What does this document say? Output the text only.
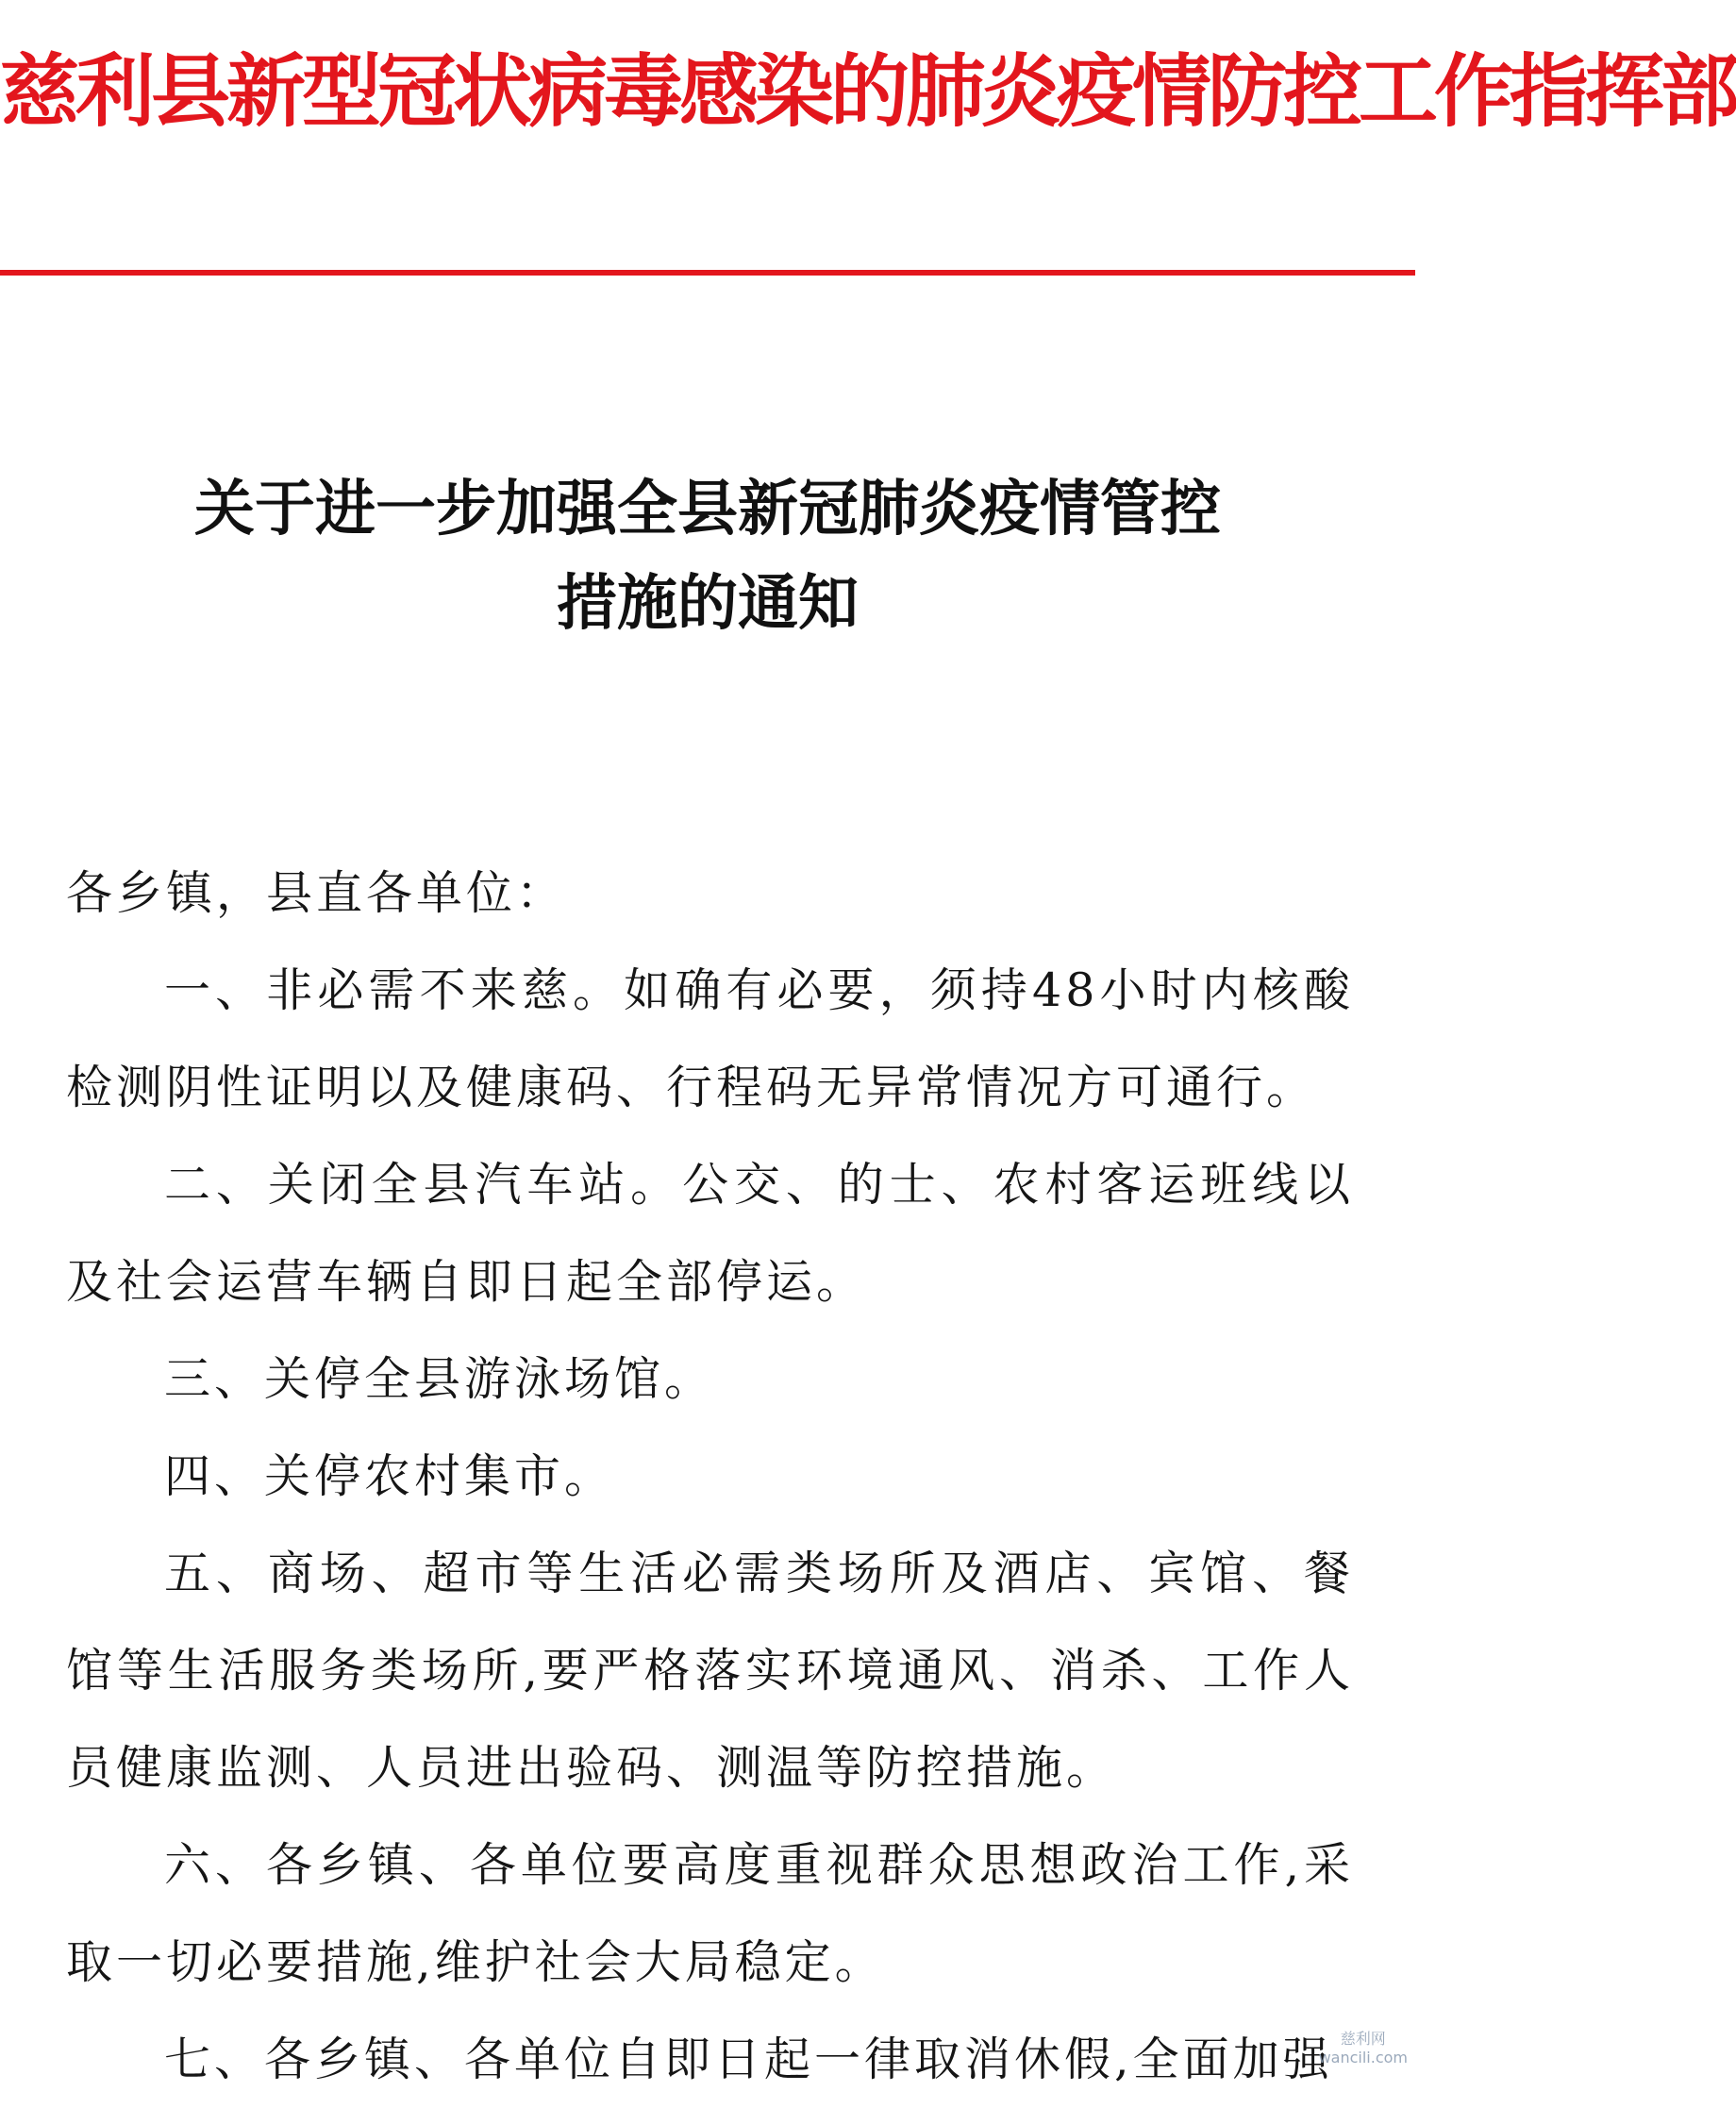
慈利县新型冠状病毒感染的肺炎疫情防控工作指挥部
关于进一步加强全县新冠肺炎疫情管控
措施的通知
各乡镇，县直各单位：
一、非必需不来慈。如确有必要，须持48小时内核酸检测阴性证明以及健康码、行程码无异常情况方可通行。
二、关闭全县汽车站。公交、的士、农村客运班线以及社会运营车辆自即日起全部停运。
三、关停全县游泳场馆。
四、关停农村集市。
五、商场、超市等生活必需类场所及酒店、宾馆、餐馆等生活服务类场所,要严格落实环境通风、消杀、工作人员健康监测、人员进出验码、测温等防控措施。
六、各乡镇、各单位要高度重视群众思想政治工作,采取一切必要措施,维护社会大局稳定。
七、各乡镇、各单位自即日起一律取消休假,全面加强 慈利网
wancili.com
